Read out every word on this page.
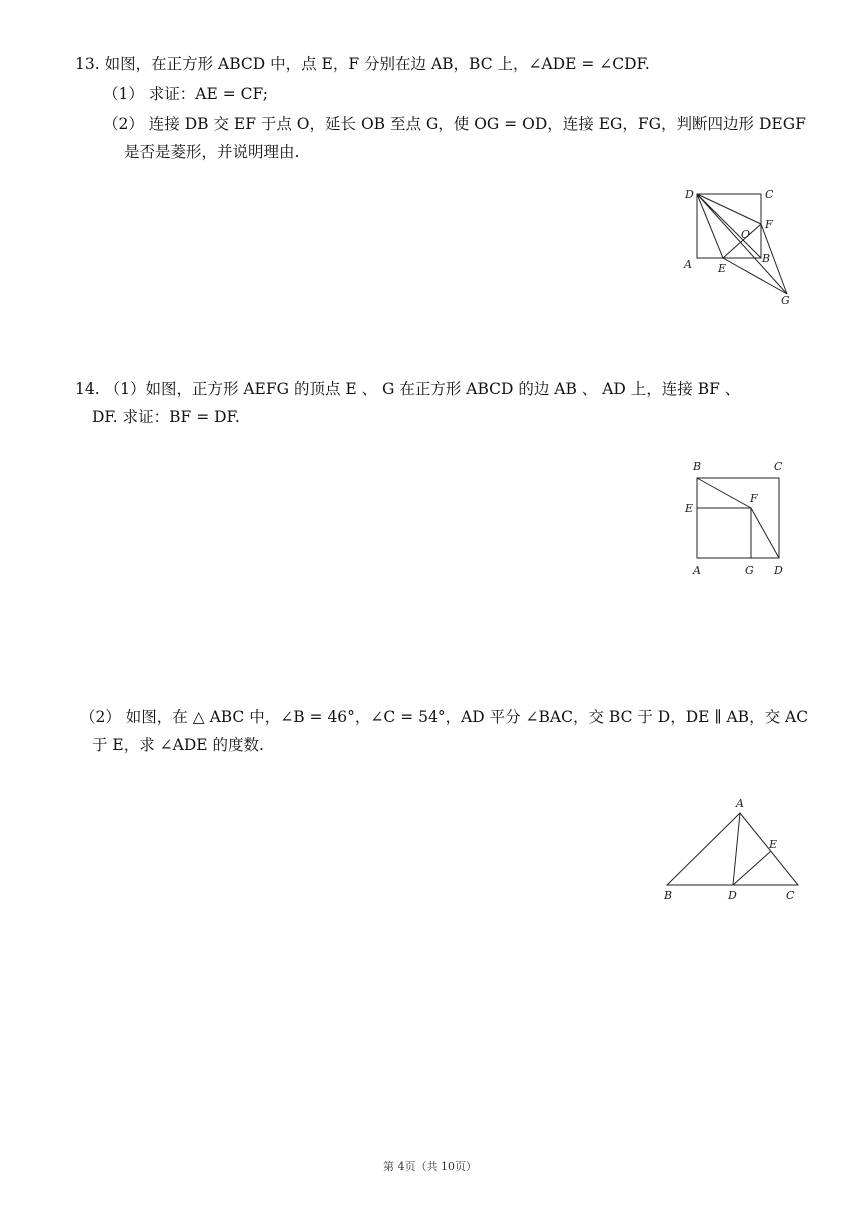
13. 如图，在正方形 ABCD 中，点 E，F 分别在边 AB，BC 上，∠ADE = ∠CDF.
（1） 求证：AE = CF;
（2） 连接 DB 交 EF 于点 O，延长 OB 至点 G，使 OG = OD，连接 EG，FG，判断四边形 DEGF
是否是菱形，并说明理由.
D	C
F
O
A E
B
G
14. （1）如图，正方形 AEFG 的顶点 E 、 G 在正方形 ABCD 的边 AB 、 AD 上，连接 BF 、
DF. 求证：BF = DF.
B	C
E
F
A	G D
（2） 如图，在 △ ABC 中，∠B = 46°，∠C = 54°，AD 平分 ∠BAC，交 BC 于 D，DE ∥ AB，交 AC
于 E，求 ∠ADE 的度数.
A
E
B	D	C
第 4页（共 10页）
